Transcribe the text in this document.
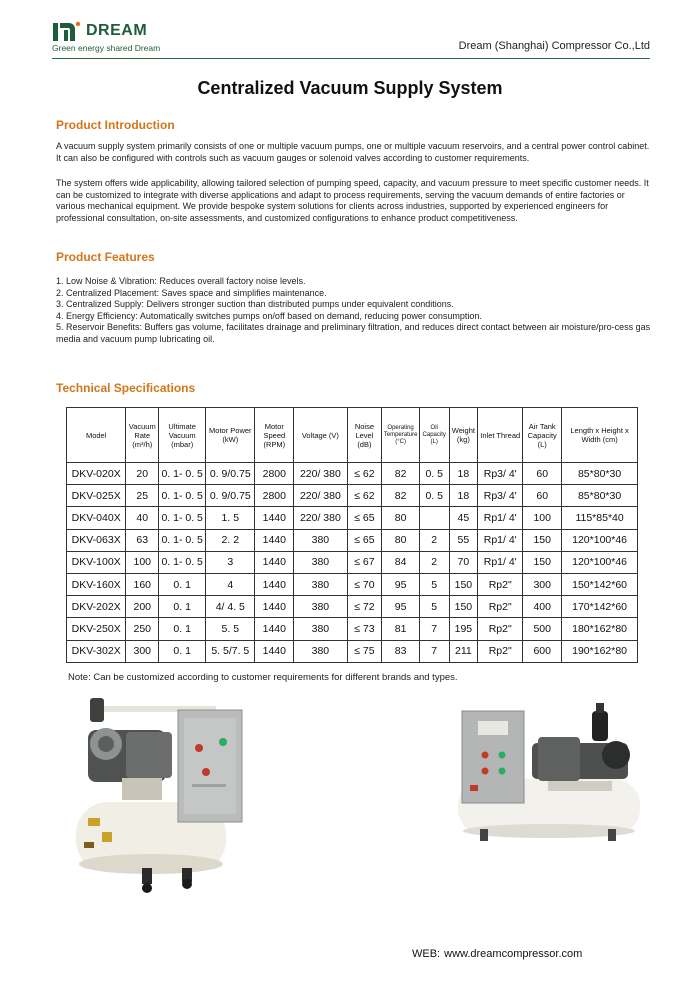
DREAM
Green energy shared Dream	Dream (Shanghai) Compressor Co.,Ltd
Centralized Vacuum Supply System
Product Introduction

A vacuum supply system primarily consists of one or multiple vacuum pumps, one or multiple vacuum reservoirs, and a central power control cabinet. It can also be configured with controls such as vacuum gauges or solenoid valves according to customer requirements.

The system offers wide applicability, allowing tailored selection of pumping speed, capacity, and vacuum pressure to meet specific customer needs. It can be customized to integrate with diverse applications and adapt to process requirements, serving the vacuum demands of entire factories or various mechanical equipment. We provide bespoke system solutions for clients across industries, supported by experienced engineers for professional consultation, on-site assessments, and customized configurations to enhance product competitiveness.

Product Features
1. Low Noise & Vibration: Reduces overall factory noise levels.
2. Centralized Placement: Saves space and simplifies maintenance.
3. Centralized Supply: Delivers stronger suction than distributed pumps under equivalent conditions.
4. Energy Efficiency: Automatically switches pumps on/off based on demand, reducing power consumption.
5. Reservoir Benefits: Buffers gas volume, facilitates drainage and preliminary filtration, and reduces direct contact between air moisture/pro-cess gas media and vacuum pump lubricating oil.
Technical Specifications
Model	Vacuum Rate (m³/h)	Ultimate Vacuum (mbar)	Motor Power (kW)	Motor Speed (RPM)	Voltage (V)	Noise Level (dB)	Operating Temperature (°C)	Oil Capacity (L)	Weight (kg)	Inlet Thread	Air Tank Capacity (L)	Length x Height x Width (cm)
DKV-020X	20	0. 1- 0. 5	0. 9/0.75	2800	220/ 380	≤ 62	82	0. 5	18	Rp3/ 4'	60	85*80*30
DKV-025X	25	0. 1- 0. 5	0. 9/0.75	2800	220/ 380	≤ 62	82	0. 5	18	Rp3/ 4'	60	85*80*30
DKV-040X	40	0. 1- 0. 5	1. 5	1440	220/ 380	≤ 65	80		45	Rp1/ 4'	100	115*85*40
DKV-063X	63	0. 1- 0. 5	2. 2	1440	380	≤ 65	80	2	55	Rp1/ 4'	150	120*100*46
DKV-100X	100	0. 1- 0. 5	3	1440	380	≤ 67	84	2	70	Rp1/ 4'	150	120*100*46
DKV-160X	160	0. 1	4	1440	380	≤ 70	95	5	150	Rp2"	300	150*142*60
DKV-202X	200	0. 1	4/ 4. 5	1440	380	≤ 72	95	5	150	Rp2"	400	170*142*60
DKV-250X	250	0. 1	5. 5	1440	380	≤ 73	81	7	195	Rp2"	500	180*162*80
DKV-302X	300	0. 1	5. 5/7. 5	1440	380	≤ 75	83	7	211	Rp2"	600	190*162*80
Note: Can be customized according to customer requirements for different brands and types.
WEB: www.dreamcompressor.com
